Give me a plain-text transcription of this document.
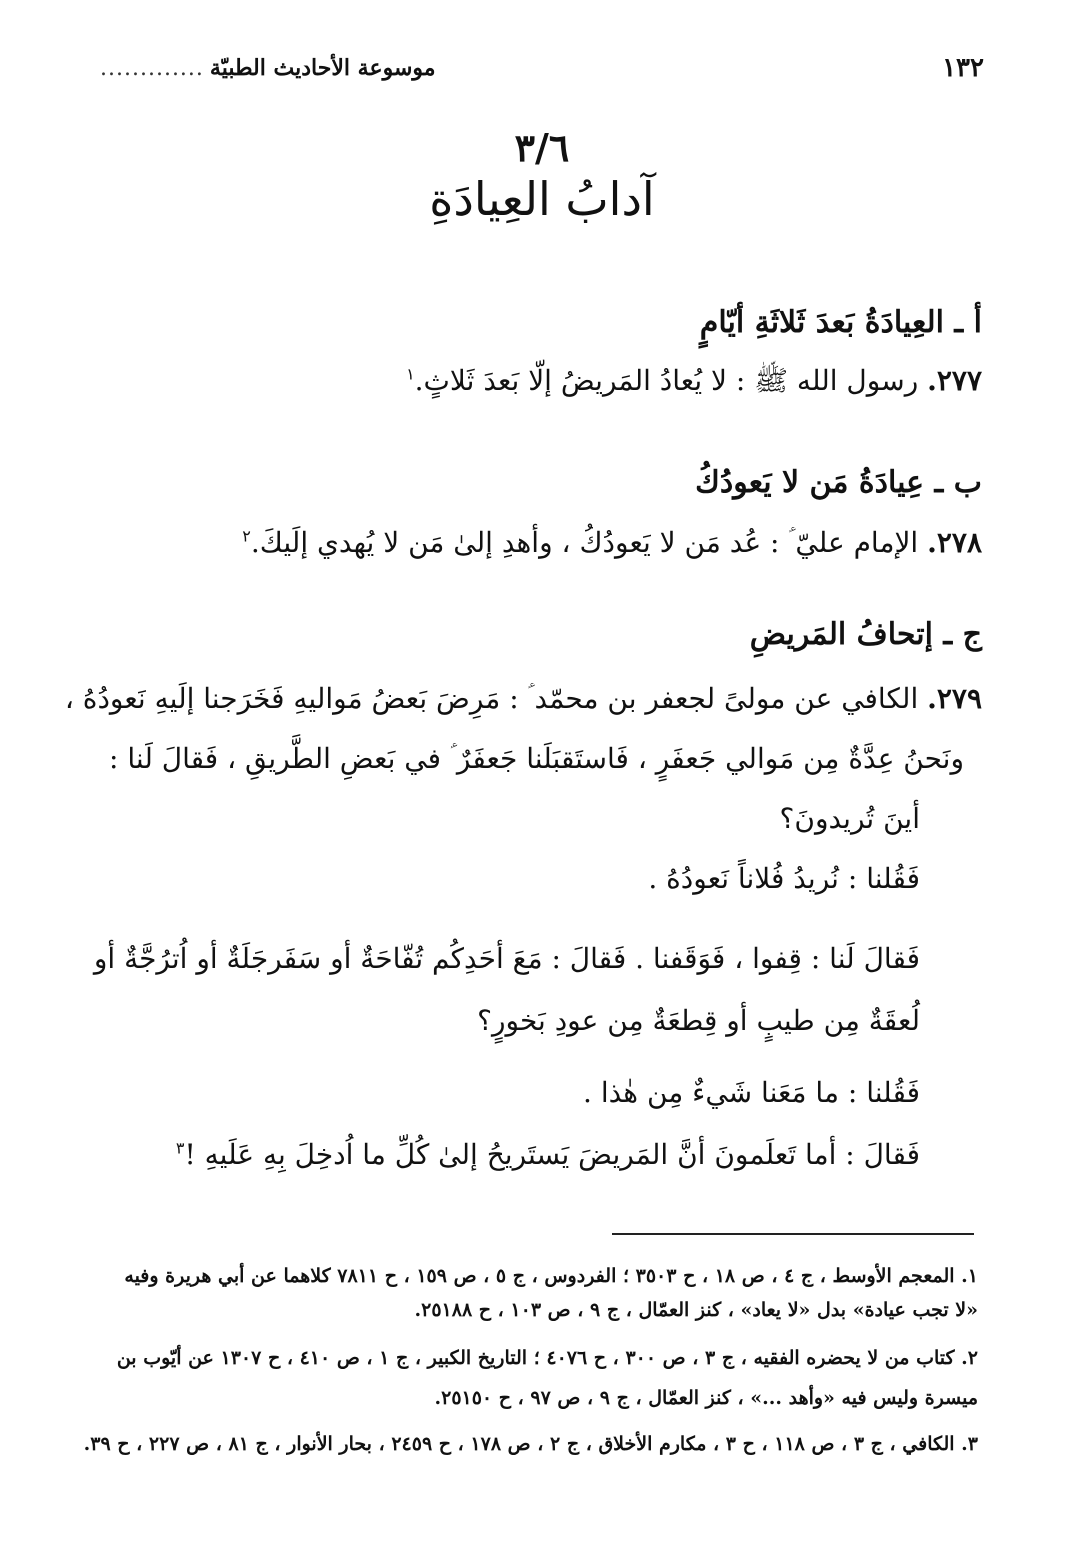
١٣٢
موسوعة الأحاديث الطبيّة
.............
٣/٦
آدابُ العِيادَةِ
أ ـ العِيادَةُ بَعدَ ثَلاثَةِ أيّامٍ
٢٧٧. رسول الله ﷺ : لا يُعادُ المَريضُ إلّا بَعدَ ثَلاثٍ.$^١$
ب ـ عِيادَةُ مَن لا يَعودُكُ
٢٧٨. الإمام عليّ ؑ : عُد مَن لا يَعودُكُ ، وأهدِ إلىٰ مَن لا يُهدي إلَيكَ.$^٢$
ج ـ إتحافُ المَريضِ
٢٧٩. الكافي عن مولىً لجعفر بن محمّد ؑ : مَرِضَ بَعضُ مَواليهِ فَخَرَجنا إلَيهِ نَعودُهُ ،
ونَحنُ عِدَّةٌ مِن مَوالي جَعفَرٍ ، فَاستَقبَلَنا جَعفَرٌ ؑ في بَعضِ الطَّريقِ ، فَقالَ لَنا :
أينَ تُريدونَ؟
فَقُلنا : نُريدُ فُلاناً نَعودُهُ .
فَقالَ لَنا : قِفوا ، فَوَقَفنا . فَقالَ : مَعَ أحَدِكُم تُفّاحَةٌ أو سَفَرجَلَةٌ أو اُترُجَّةٌ أو
لُعقَةٌ مِن طيبٍ أو قِطعَةٌ مِن عودِ بَخورٍ؟
فَقُلنا : ما مَعَنا شَيءٌ مِن هٰذا .
فَقالَ : أما تَعلَمونَ أنَّ المَريضَ يَستَريحُ إلىٰ كُلِّ ما اُدخِلَ بِهِ عَلَيهِ !$^٣$
١. المعجم الأوسط ، ج ٤ ، ص ١٨ ، ح ٣٥٠٣ ؛ الفردوس ، ج ٥ ، ص ١٥٩ ، ح ٧٨١١ كلاهما عن أبي هريرة وفيه
«لا تجب عيادة» بدل «لا يعاد» ، كنز العمّال ، ج ٩ ، ص ١٠٣ ، ح ٢٥١٨٨.
٢. كتاب من لا يحضره الفقيه ، ج ٣ ، ص ٣٠٠ ، ح ٤٠٧٦ ؛ التاريخ الكبير ، ج ١ ، ص ٤١٠ ، ح ١٣٠٧ عن أيّوب بن
ميسرة وليس فيه «وأهد ...» ، كنز العمّال ، ج ٩ ، ص ٩٧ ، ح ٢٥١٥٠.
٣. الكافي ، ج ٣ ، ص ١١٨ ، ح ٣ ، مكارم الأخلاق ، ج ٢ ، ص ١٧٨ ، ح ٢٤٥٩ ، بحار الأنوار ، ج ٨١ ، ص ٢٢٧ ، ح ٣٩.
